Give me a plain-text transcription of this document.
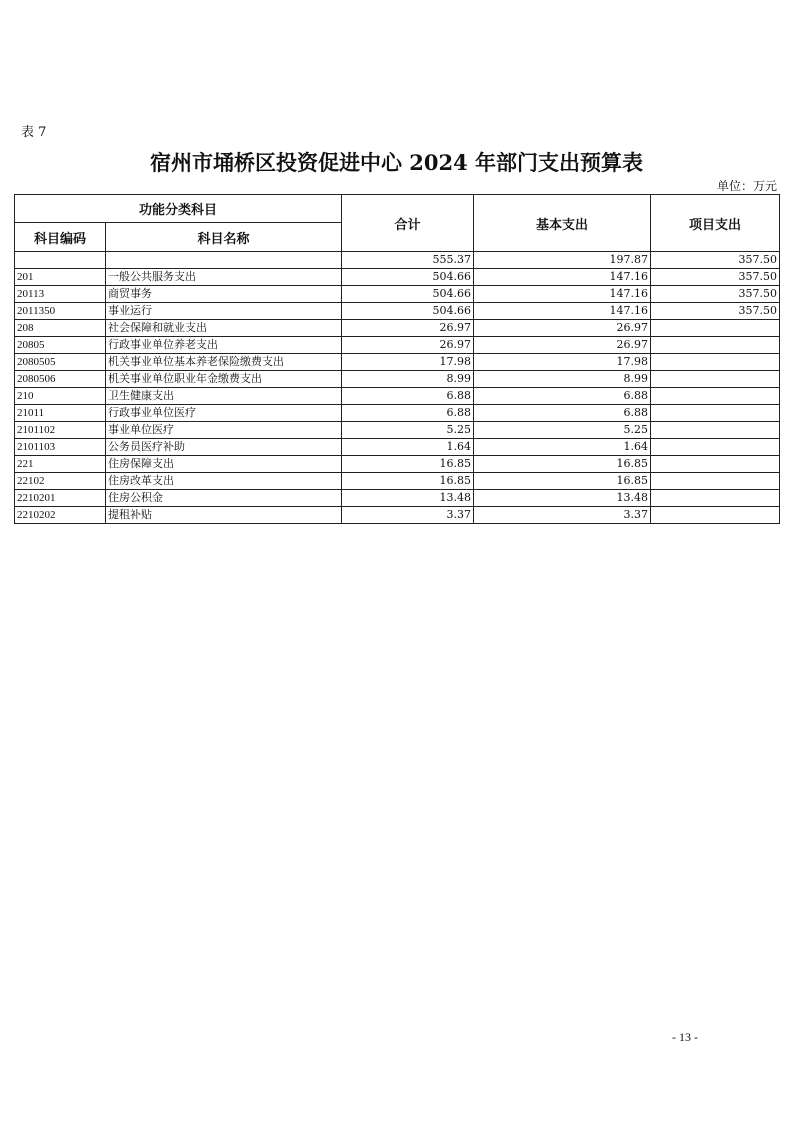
表 7
宿州市埇桥区投资促进中心 2024 年部门支出预算表
单位：万元
功能分类科目		合计	基本支出	项目支出
科目编码	科目名称			
		555.37	197.87	357.50
201	一般公共服务支出	504.66	147.16	357.50
20113	商贸事务	504.66	147.16	357.50
2011350	事业运行	504.66	147.16	357.50
208	社会保障和就业支出	26.97	26.97	
20805	行政事业单位养老支出	26.97	26.97	
2080505	机关事业单位基本养老保险缴费支出	17.98	17.98	
2080506	机关事业单位职业年金缴费支出	8.99	8.99	
210	卫生健康支出	6.88	6.88	
21011	行政事业单位医疗	6.88	6.88	
2101102	事业单位医疗	5.25	5.25	
2101103	公务员医疗补助	1.64	1.64	
221	住房保障支出	16.85	16.85	
22102	住房改革支出	16.85	16.85	
2210201	住房公积金	13.48	13.48	
2210202	提租补贴	3.37	3.37	
- 13 -
